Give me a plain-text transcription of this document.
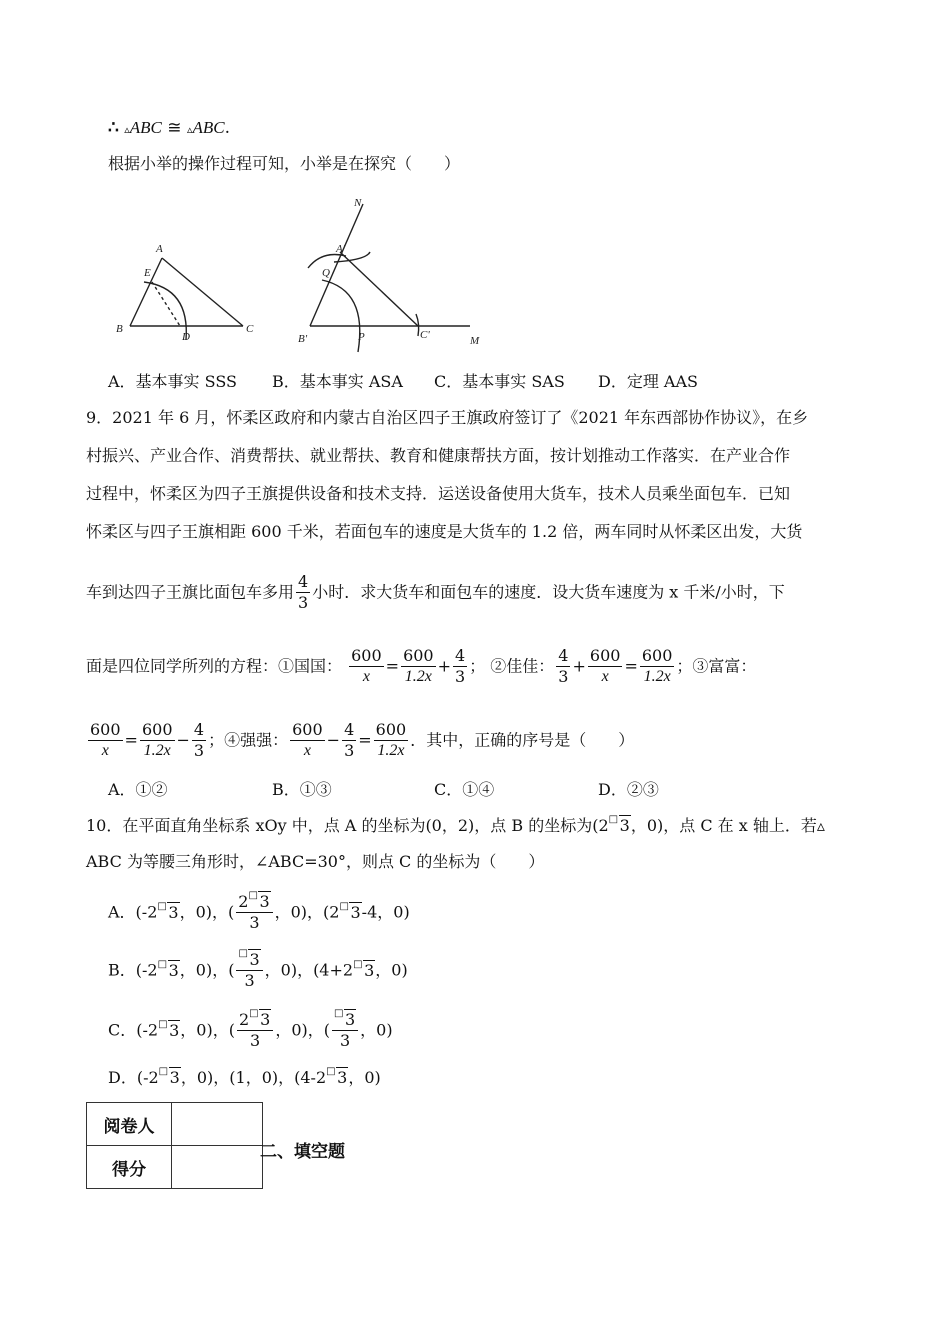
∴ ▵ABC ≅ ▵ABC.
根据小举的操作过程可知，小举是在探究（　　）
A
E
B
D
C
N
A'
Q
B'	P	C'	M
A．基本事实 SSS B．基本事实 ASA C．基本事实 SAS D．定理 AAS
9．2021 年 6 月，怀柔区政府和内蒙古自治区四子王旗政府签订了《2021 年东西部协作协议》，在乡
村振兴、产业合作、消费帮扶、就业帮扶、教育和健康帮扶方面，按计划推动工作落实．在产业合作
过程中，怀柔区为四子王旗提供设备和技术支持．运送设备使用大货车，技术人员乘坐面包车．已知
怀柔区与四子王旗相距 600 千米，若面包车的速度是大货车的 1.2 倍，两车同时从怀柔区出发，大货
车到达四子王旗比面包车多用 $\frac{4}{3}$ 小时．求大货车和面包车的速度．设大货车速度为 x 千米/小时，下
面是四位同学所列的方程：①国国： $\frac{600}{x} = \frac{600}{1.2x} + \frac{4}{3}$ ； ②佳佳： $\frac{4}{3} + \frac{600}{x} = \frac{600}{1.2x}$ ；③富富：
$\frac{600}{x} = \frac{600}{1.2x} - \frac{4}{3}$ ；④强强： $\frac{600}{x} - \frac{4}{3} = \frac{600}{1.2x}$ ．其中，正确的序号是（　　）
A．①②	B．①③	C．①④	D．②③
10．在平面直角坐标系 xOy 中，点 A 的坐标为(0，2)，点 B 的坐标为(2 □ 3，0)，点 C 在 x 轴上．若▵
ABC 为等腰三角形时，∠ABC=30°，则点 C 的坐标为（　　）
A．(-2 □ 3，0)，( $\frac{2 □ 3}{3}$ ，0)，(2 □ 3-4，0)
B．(-2 □ 3，0)，( $\frac{□ 3}{3}$ ，0)，(4+2 □ 3，0)
C．(-2 □ 3，0)，( $\frac{2 □ 3}{3}$ ，0)，( $\frac{□ 3}{3}$ ，0)
D．(-2 □ 3，0)，(1，0)，(4-2 □ 3，0)
阅卷人	
得分	
二、填空题
